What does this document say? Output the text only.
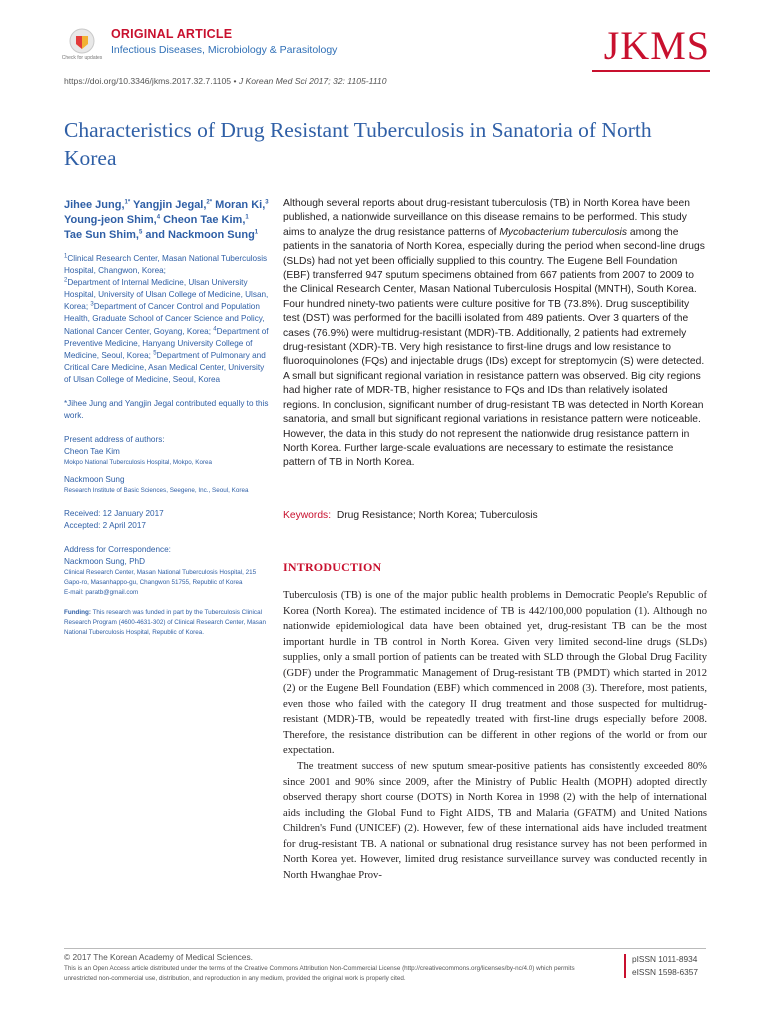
Check for updates
ORIGINAL ARTICLE
Infectious Diseases, Microbiology & Parasitology	JKMS
https://doi.org/10.3346/jkms.2017.32.7.1105 • J Korean Med Sci 2017; 32: 1105-1110
Characteristics of Drug Resistant Tuberculosis in Sanatoria of North Korea

Jihee Jung,$^{1*}$ Yangjin Jegal,$^{2*}$ Moran Ki,$^3$
Young-jeon Shim,$^4$ Cheon Tae Kim,$^1$
Tae Sun Shim,$^5$ and Nackmoon Sung$^1$

$^1$Clinical Research Center, Masan National Tuberculosis Hospital, Changwon, Korea;

$^2$Department of Internal Medicine, Ulsan University Hospital, University of Ulsan College of Medicine, Ulsan, Korea; $^3$Department of Cancer Control and Population Health, Graduate School of Cancer Science and Policy, National Cancer Center, Goyang, Korea; $^4$Department of Preventive Medicine, Hanyang University College of Medicine, Seoul, Korea; $^5$Department of Pulmonary and Critical Care Medicine, Asan Medical Center, University of Ulsan College of Medicine, Seoul, Korea

*Jihee Jung and Yangjin Jegal contributed equally to this work.

Present address of authors:

Cheon Tae Kim

Mokpo National Tuberculosis Hospital, Mokpo, Korea

Nackmoon Sung

Research Institute of Basic Sciences, Seegene, Inc., Seoul, Korea

Received: 12 January 2017

Accepted: 2 April 2017

Address for Correspondence:

Nackmoon Sung, PhD

Clinical Research Center, Masan National Tuberculosis Hospital, 215 Gapo-ro, Masanhappo-gu, Changwon 51755, Republic of Korea

E-mail: paratb@gmail.com

Funding: This research was funded in part by the Tuberculosis Clinical Research Program (4600-4631-302) of Clinical Research Center, Masan National Tuberculosis Hospital, Republic of Korea.

Although several reports about drug-resistant tuberculosis (TB) in North Korea have been published, a nationwide surveillance on this disease remains to be performed. This study aims to analyze the drug resistance patterns of Mycobacterium tuberculosis among the patients in the sanatoria of North Korea, especially during the period when second-line drugs (SLDs) had not yet been officially supplied to this country. The Eugene Bell Foundation (EBF) transferred 947 sputum specimens obtained from 667 patients from 2007 to 2009 to the Clinical Research Center, Masan National Tuberculosis Hospital (MNTH), South Korea. Four hundred ninety-two patients were culture positive for TB (73.8%). Drug susceptibility test (DST) was performed for the bacilli isolated from 489 patients. Over 3 quarters of the cases (76.9%) were multidrug-resistant (MDR)-TB. Additionally, 2 patients had extremely drug-resistant (XDR)-TB. Very high resistance to first-line drugs and low resistance to fluoroquinolones (FQs) and injectable drugs (IDs) except for streptomycin (S) were detected. A small but significant regional variation in resistance pattern was observed. Big city regions had higher rate of MDR-TB, higher resistance to FQs and IDs than relatively isolated regions. In conclusion, significant number of drug-resistant TB was detected in North Korean sanatoria, and small but significant regional variations in resistance pattern were noticeable. However, the data in this study do not represent the nationwide drug resistance pattern in North Korea. Further large-scale evaluations are necessary to estimate the resistance pattern of TB in North Korea.
Keywords: Drug Resistance; North Korea; Tuberculosis
INTRODUCTION

Tuberculosis (TB) is one of the major public health problems in Democratic People's Republic of Korea (North Korea). The estimated incidence of TB is 442/100,000 population (1). Although no nationwide epidemiological data have been obtained yet, drug-resistant TB can be the most important hurdle in TB control in North Korea. Given very limited second-line drugs (SLDs) supplies, only a small portion of patients can be treated with SLD through the Global Drug Facility (GDF) under the Programmatic Management of Drug-resistant TB (PMDT) which started in 2012 (2) or the Eugene Bell Foundation (EBF) which commenced in 2008 (3). Therefore, most patients, even those who failed with the category II drug treatment and those suspected for multidrug-resistant (MDR)-TB, would be repeatedly treated with first-line drugs especially before 2008. Therefore, the resistance distribution can be different in other regions of the world or from our expectation.

The treatment success of new sputum smear-positive patients has consistently exceeded 80% since 2001 and 90% since 2009, after the Ministry of Public Health (MOPH) adopted directly observed therapy short course (DOTS) in North Korea in 1998 (2) with the help of international aids including the Global Fund to Fight AIDS, TB and Malaria (GFATM) and United Nations Children's Fund (UNICEF) (2). However, few of these international aids have included treatment for drug-resistant TB. A national or subnational drug resistance survey has not been performed in North Korea yet. However, limited drug resistance surveillance survey was conducted recently in North Hwanghae Prov-

© 2017 The Korean Academy of Medical Sciences.
This is an Open Access article distributed under the terms of the Creative Commons Attribution Non-Commercial License (http://creativecommons.org/licenses/by-nc/4.0) which permits unrestricted non-commercial use, distribution, and reproduction in any medium, provided the original work is properly cited.
pISSN 1011-8934
eISSN 1598-6357
